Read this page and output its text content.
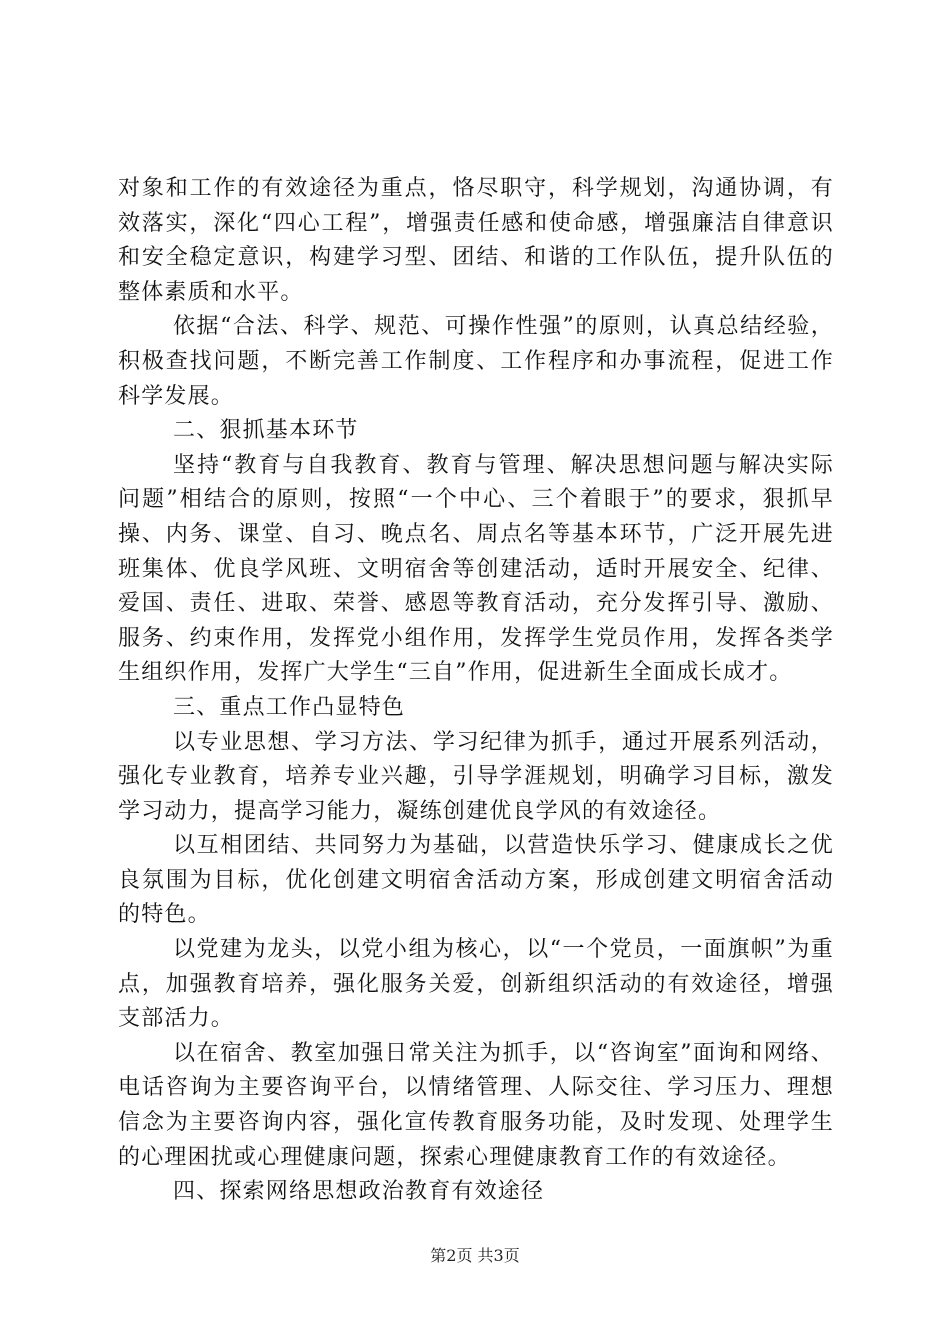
对象和工作的有效途径为重点，恪尽职守，科学规划，沟通协调，有效落实，深化“四心工程”，增强责任感和使命感，增强廉洁自律意识和安全稳定意识，构建学习型、团结、和谐的工作队伍，提升队伍的整体素质和水平。

依据“合法、科学、规范、可操作性强”的原则，认真总结经验，积极查找问题，不断完善工作制度、工作程序和办事流程，促进工作科学发展。

二、狠抓基本环节

坚持“教育与自我教育、教育与管理、解决思想问题与解决实际问题”相结合的原则，按照“一个中心、三个着眼于”的要求，狠抓早操、内务、课堂、自习、晚点名、周点名等基本环节，广泛开展先进班集体、优良学风班、文明宿舍等创建活动，适时开展安全、纪律、爱国、责任、进取、荣誉、感恩等教育活动，充分发挥引导、激励、服务、约束作用，发挥党小组作用，发挥学生党员作用，发挥各类学生组织作用，发挥广大学生“三自”作用，促进新生全面成长成才。

三、重点工作凸显特色

以专业思想、学习方法、学习纪律为抓手，通过开展系列活动，强化专业教育，培养专业兴趣，引导学涯规划，明确学习目标，激发学习动力，提高学习能力，凝练创建优良学风的有效途径。

以互相团结、共同努力为基础，以营造快乐学习、健康成长之优良氛围为目标，优化创建文明宿舍活动方案，形成创建文明宿舍活动的特色。

以党建为龙头，以党小组为核心，以“一个党员，一面旗帜”为重点，加强教育培养，强化服务关爱，创新组织活动的有效途径，增强支部活力。

以在宿舍、教室加强日常关注为抓手，以“咨询室”面询和网络、电话咨询为主要咨询平台，以情绪管理、人际交往、学习压力、理想信念为主要咨询内容，强化宣传教育服务功能，及时发现、处理学生的心理困扰或心理健康问题，探索心理健康教育工作的有效途径。

四、探索网络思想政治教育有效途径

第2页 共3页
